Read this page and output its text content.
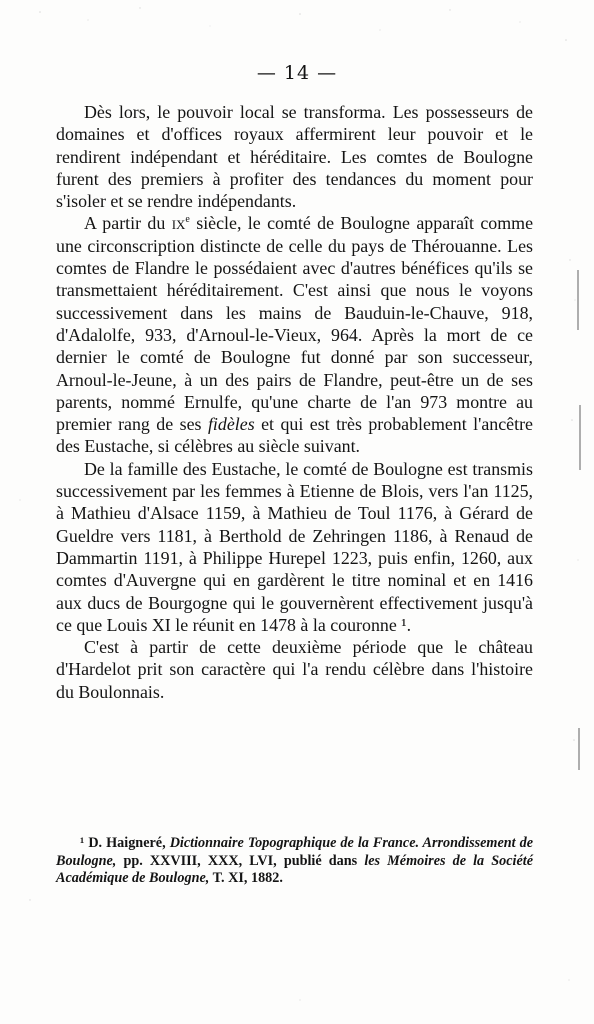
— 14 —

Dès lors, le pouvoir local se transforma. Les possesseurs de domaines et d'offices royaux affermirent leur pouvoir et le rendirent indépendant et héréditaire. Les comtes de Boulogne furent des premiers à profiter des tendances du moment pour s'isoler et se rendre indépendants.

A partir du $ix^e$ siècle, le comté de Boulogne apparaît comme une circonscription distincte de celle du pays de Thérouanne. Les comtes de Flandre le possédaient avec d'autres bénéfices qu'ils se transmettaient héréditairement. C'est ainsi que nous le voyons successivement dans les mains de Bauduin-le-Chauve, 918, d'Adalolfe, 933, d'Arnoul-le-Vieux, 964. Après la mort de ce dernier le comté de Boulogne fut donné par son successeur, Arnoul-le-Jeune, à un des pairs de Flandre, peut-être un de ses parents, nommé Ernulfe, qu'une charte de l'an 973 montre au premier rang de ses fidèles et qui est très probablement l'ancêtre des Eustache, si célèbres au siècle suivant.

De la famille des Eustache, le comté de Boulogne est transmis successivement par les femmes à Etienne de Blois, vers l'an 1125, à Mathieu d'Alsace 1159, à Mathieu de Toul 1176, à Gérard de Gueldre vers 1181, à Berthold de Zehringen 1186, à Renaud de Dammartin 1191, à Philippe Hurepel 1223, puis enfin, 1260, aux comtes d'Auvergne qui en gardèrent le titre nominal et en 1416 aux ducs de Bourgogne qui le gouvernèrent effectivement jusqu'à ce que Louis XI le réunit en 1478 à la couronne ¹.

C'est à partir de cette deuxième période que le château d'Hardelot prit son caractère qui l'a rendu célèbre dans l'histoire du Boulonnais.

¹ D. Haigneré, Dictionnaire Topographique de la France. Arrondissement de Boulogne, pp. XXVIII, XXX, LVI, publié dans les Mémoires de la Société Académique de Boulogne, T. XI, 1882.
